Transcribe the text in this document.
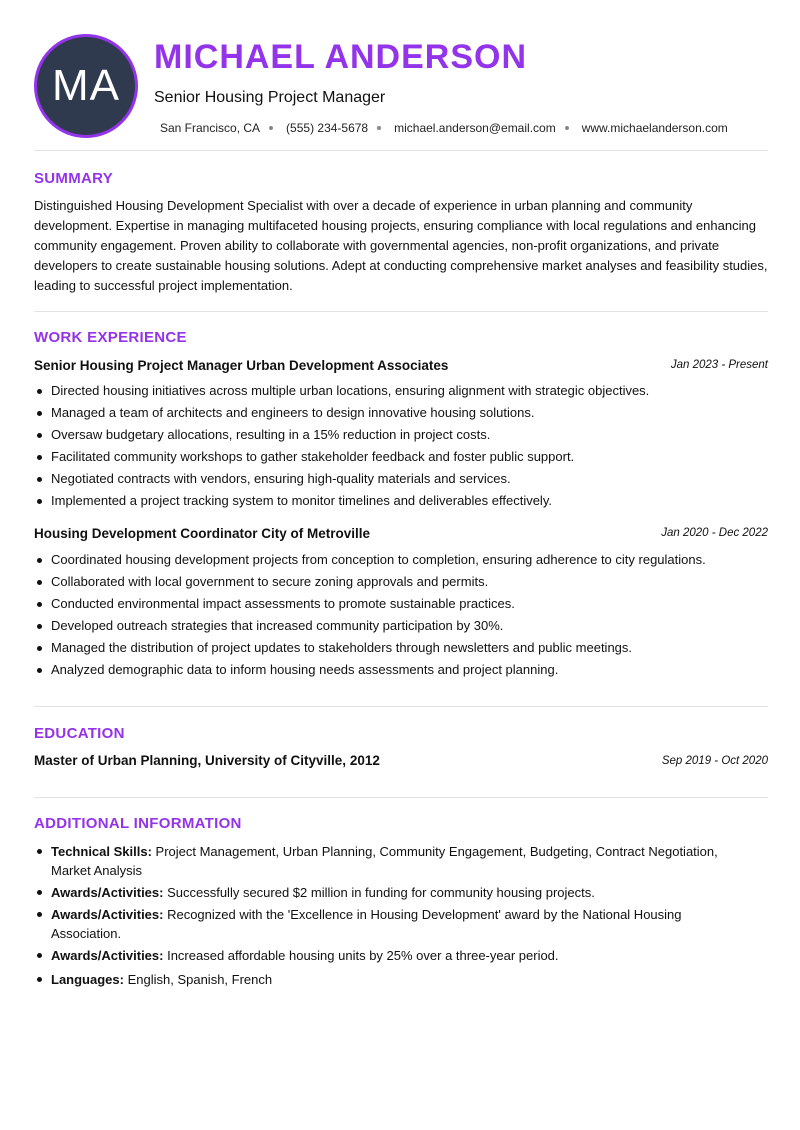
MA
MICHAEL ANDERSON
Senior Housing Project Manager
San Francisco, CA (555) 234-5678 michael.anderson@email.com www.michaelanderson.com
SUMMARY
Distinguished Housing Development Specialist with over a decade of experience in urban planning and community development. Expertise in managing multifaceted housing projects, ensuring compliance with local regulations and enhancing community engagement. Proven ability to collaborate with governmental agencies, non-profit organizations, and private developers to create sustainable housing solutions. Adept at conducting comprehensive market analyses and feasibility studies, leading to successful project implementation.
WORK EXPERIENCE
Senior Housing Project Manager Urban Development Associates	Jan 2023 - Present
Directed housing initiatives across multiple urban locations, ensuring alignment with strategic objectives.
Managed a team of architects and engineers to design innovative housing solutions.
Oversaw budgetary allocations, resulting in a 15% reduction in project costs.
Facilitated community workshops to gather stakeholder feedback and foster public support.
Negotiated contracts with vendors, ensuring high-quality materials and services.
Implemented a project tracking system to monitor timelines and deliverables effectively.
Housing Development Coordinator City of Metroville	Jan 2020 - Dec 2022
Coordinated housing development projects from conception to completion, ensuring adherence to city regulations.
Collaborated with local government to secure zoning approvals and permits.
Conducted environmental impact assessments to promote sustainable practices.
Developed outreach strategies that increased community participation by 30%.
Managed the distribution of project updates to stakeholders through newsletters and public meetings.
Analyzed demographic data to inform housing needs assessments and project planning.
EDUCATION
Master of Urban Planning, University of Cityville, 2012	Sep 2019 - Oct 2020
ADDITIONAL INFORMATION
Technical Skills: Project Management, Urban Planning, Community Engagement, Budgeting, Contract Negotiation, Market Analysis
Awards/Activities: Successfully secured $2 million in funding for community housing projects.
Awards/Activities: Recognized with the 'Excellence in Housing Development' award by the National Housing Association.
Awards/Activities: Increased affordable housing units by 25% over a three-year period.
Languages: English, Spanish, French
